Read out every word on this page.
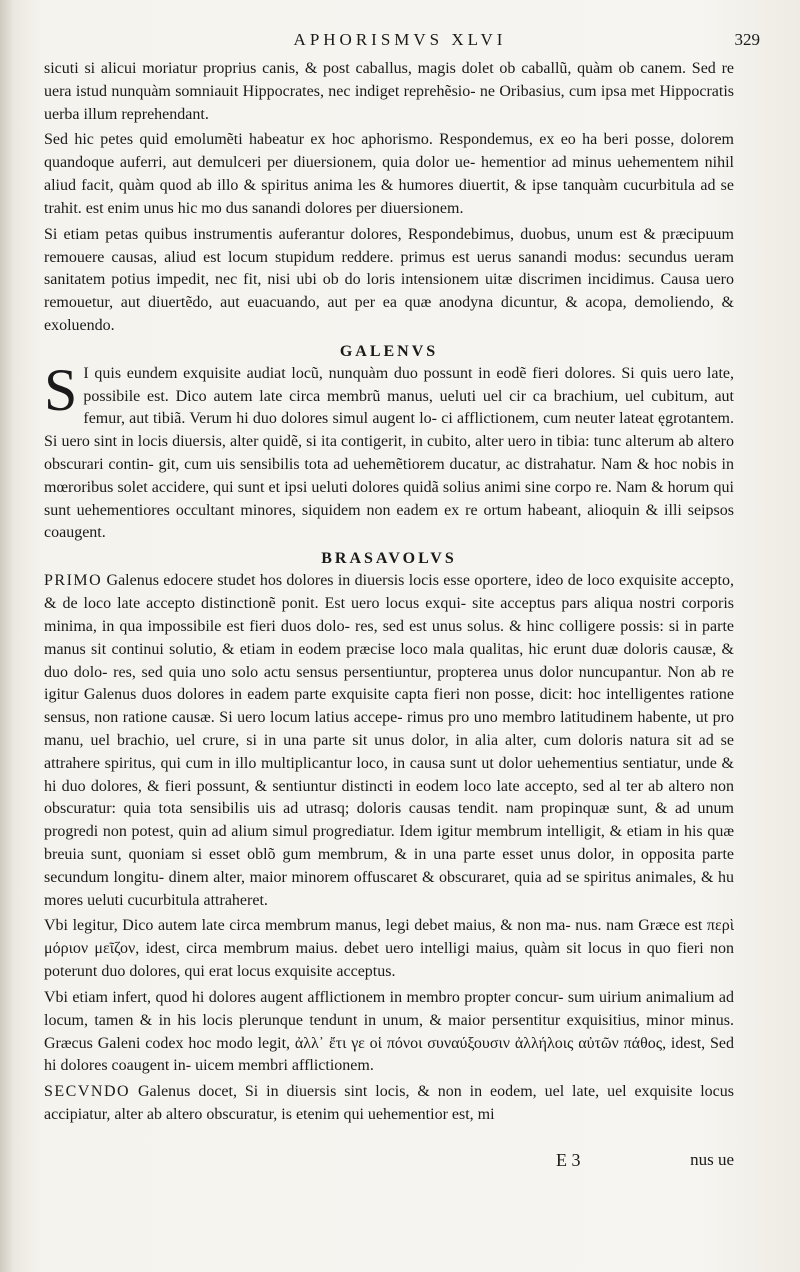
APHORISMVS XLVI	329

sicuti si alicui moriatur proprius canis, & post caballus, magis dolet ob caballũ, quàm ob canem. Sed re uera istud nunquàm somniauit Hippocrates, nec indiget reprehẽsio- ne Oribasius, cum ipsa met Hippocratis uerba illum reprehendant.

Sed hic petes quid emolumẽti habeatur ex hoc aphorismo. Respondemus, ex eo ha beri posse, dolorem quandoque auferri, aut demulceri per diuersionem, quia dolor ue- hementior ad minus uehementem nihil aliud facit, quàm quod ab illo & spiritus anima les & humores diuertit, & ipse tanquàm cucurbitula ad se trahit. est enim unus hic mo dus sanandi dolores per diuersionem.

Si etiam petas quibus instrumentis auferantur dolores, Respondebimus, duobus, unum est & præcipuum remouere causas, aliud est locum stupidum reddere. primus est uerus sanandi modus: secundus ueram sanitatem potius impedit, nec fit, nisi ubi ob do loris intensionem uitæ discrimen incidimus. Causa uero remouetur, aut diuertẽdo, aut euacuando, aut per ea quæ anodyna dicuntur, & acopa, demoliendo, & exoluendo.

GALENVS

S I quis eundem exquisite audiat locũ, nunquàm duo possunt in eodẽ fieri dolores. Si quis uero late, possibile est. Dico autem late circa membrũ manus, ueluti uel cir ca brachium, uel cubitum, aut femur, aut tibiã. Verum hi duo dolores simul augent lo- ci afflictionem, cum neuter lateat ęgrotantem. Si uero sint in locis diuersis, alter quidẽ, si ita contigerit, in cubito, alter uero in tibia: tunc alterum ab altero obscurari contin- git, cum uis sensibilis tota ad uehemẽtiorem ducatur, ac distrahatur. Nam & hoc nobis in mœroribus solet accidere, qui sunt et ipsi ueluti dolores quidã solius animi sine corpo re. Nam & horum qui sunt uehementiores occultant minores, siquidem non eadem ex re ortum habeant, alioquin & illi seipsos coaugent.

BRASAVOLVS

PRIMO Galenus edocere studet hos dolores in diuersis locis esse oportere, ideo de loco exquisite accepto, & de loco late accepto distinctionẽ ponit. Est uero locus exqui- site acceptus pars aliqua nostri corporis minima, in qua impossibile est fieri duos dolo- res, sed est unus solus. & hinc colligere possis: si in parte manus sit continui solutio, & etiam in eodem præcise loco mala qualitas, hic erunt duæ doloris causæ, & duo dolo- res, sed quia uno solo actu sensus persentiuntur, propterea unus dolor nuncupantur. Non ab re igitur Galenus duos dolores in eadem parte exquisite capta fieri non posse, dicit: hoc intelligentes ratione sensus, non ratione causæ. Si uero locum latius accepe- rimus pro uno membro latitudinem habente, ut pro manu, uel brachio, uel crure, si in una parte sit unus dolor, in alia alter, cum doloris natura sit ad se attrahere spiritus, qui cum in illo multiplicantur loco, in causa sunt ut dolor uehementius sentiatur, unde & hi duo dolores, & fieri possunt, & sentiuntur distincti in eodem loco late accepto, sed al ter ab altero non obscuratur: quia tota sensibilis uis ad utrasq; doloris causas tendit. nam propinquæ sunt, & ad unum progredi non potest, quin ad alium simul progrediatur. Idem igitur membrum intelligit, & etiam in his quæ breuia sunt, quoniam si esset oblõ gum membrum, & in una parte esset unus dolor, in opposita parte secundum longitu- dinem alter, maior minorem offuscaret & obscuraret, quia ad se spiritus animales, & hu mores ueluti cucurbitula attraheret.

Vbi legitur, Dico autem late circa membrum manus, legi debet maius, & non ma- nus. nam Græce est περὶ μόριον μεῖζον, idest, circa membrum maius. debet uero intelligi maius, quàm sit locus in quo fieri non poterunt duo dolores, qui erat locus exquisite acceptus.

Vbi etiam infert, quod hi dolores augent afflictionem in membro propter concur- sum uirium animalium ad locum, tamen & in his locis plerunque tendunt in unum, & maior persentitur exquisitius, minor minus. Græcus Galeni codex hoc modo legit, ἀλλ᾽ ἔτι γε οἱ πόνοι συναύξουσιν ἀλλήλοις αὐτῶν πάθος, idest, Sed hi dolores coaugent in- uicem membri afflictionem.

SECVNDO Galenus docet, Si in diuersis sint locis, & non in eodem, uel late, uel exquisite locus accipiatur, alter ab altero obscuratur, is etenim qui uehementior est, mi

E 3	nus ue
